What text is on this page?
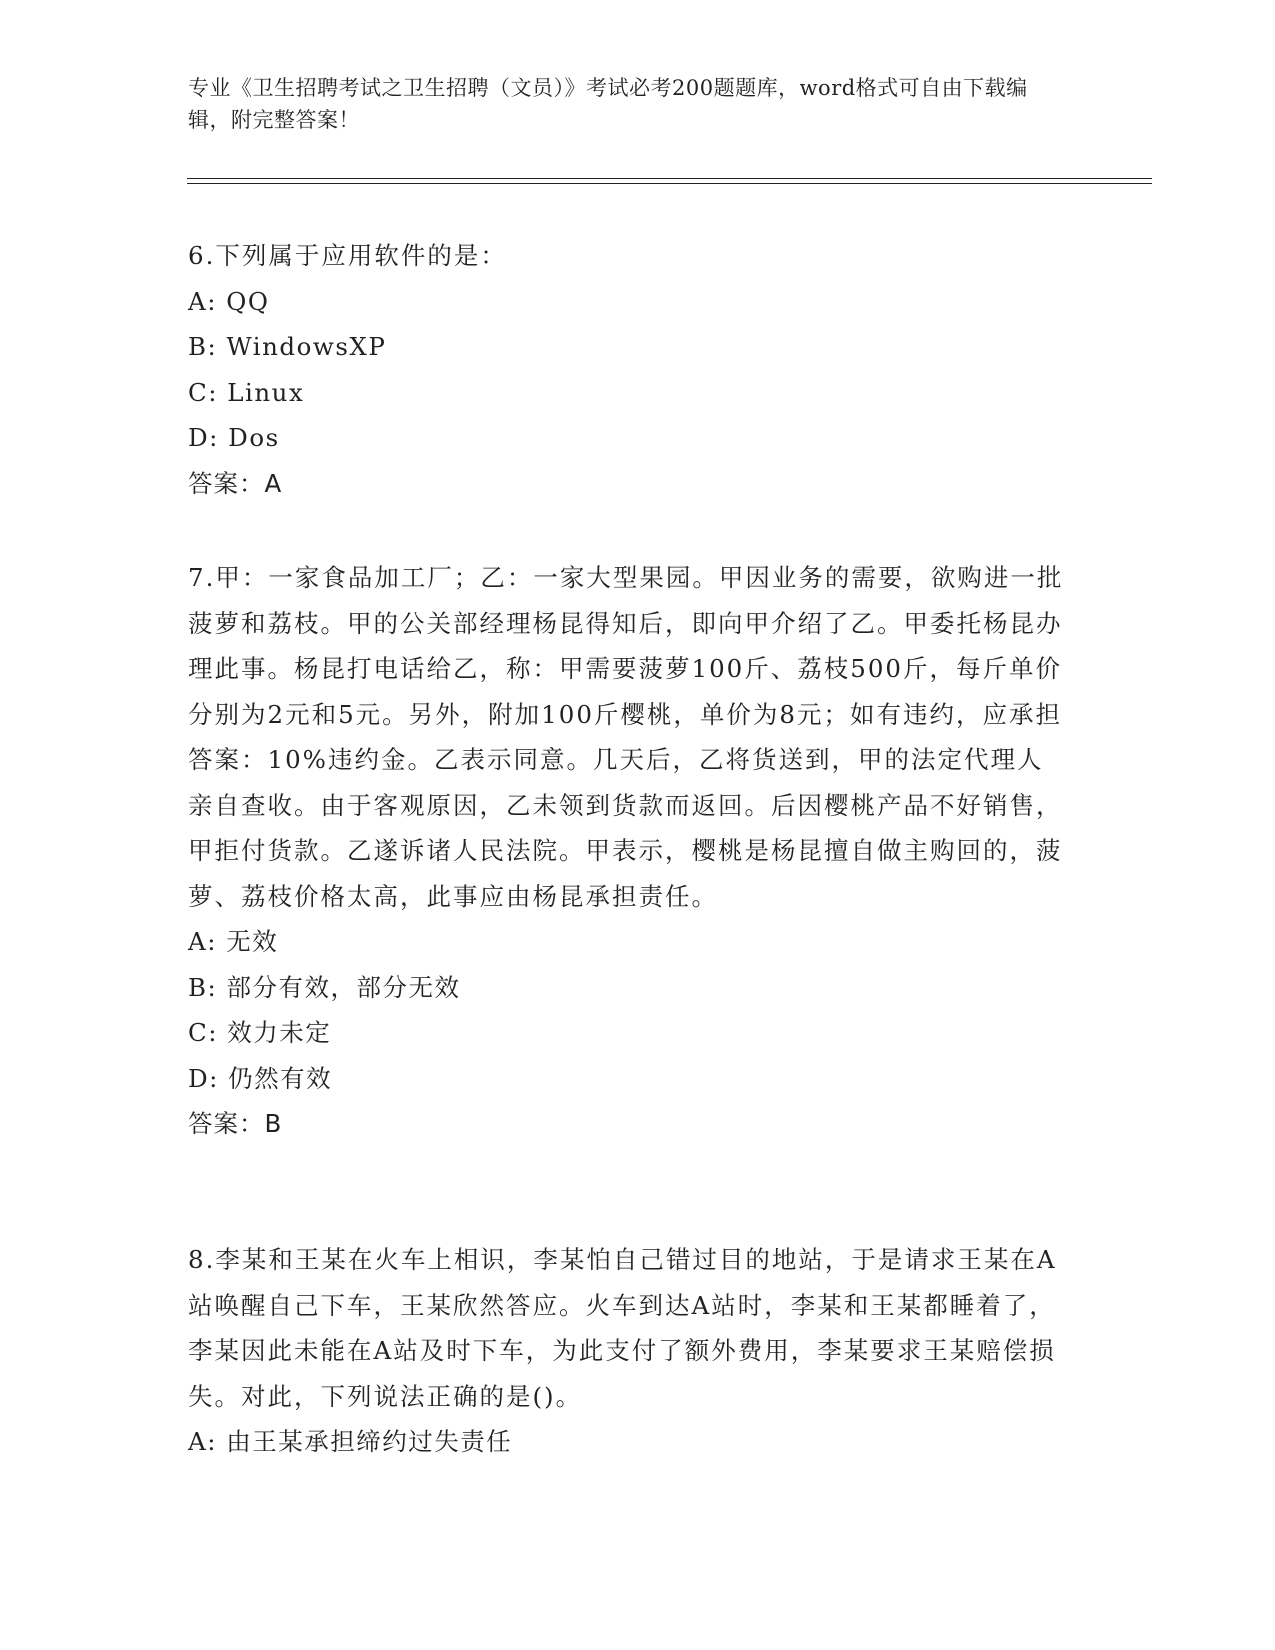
专业《卫生招聘考试之卫生招聘（文员）》考试必考200题题库，word格式可自由下载编辑，附完整答案！

6.下列属于应用软件的是：

A: QQ

B: WindowsXP

C: Linux

D: Dos

答案：A

7.甲：一家食品加工厂；乙：一家大型果园。甲因业务的需要，欲购进一批菠萝和荔枝。甲的公关部经理杨昆得知后，即向甲介绍了乙。甲委托杨昆办理此事。杨昆打电话给乙，称：甲需要菠萝100斤、荔枝500斤，每斤单价分别为2元和5元。另外，附加100斤樱桃，单价为8元；如有违约，应承担答案：10%违约金。乙表示同意。几天后，乙将货送到，甲的法定代理人亲自查收。由于客观原因，乙未领到货款而返回。后因樱桃产品不好销售，甲拒付货款。乙遂诉诸人民法院。甲表示，樱桃是杨昆擅自做主购回的，菠萝、荔枝价格太高，此事应由杨昆承担责任。

A: 无效

B: 部分有效，部分无效

C: 效力未定

D: 仍然有效

答案：B

8.李某和王某在火车上相识，李某怕自己错过目的地站，于是请求王某在A站唤醒自己下车，王某欣然答应。火车到达A站时，李某和王某都睡着了，李某因此未能在A站及时下车，为此支付了额外费用，李某要求王某赔偿损失。对此，下列说法正确的是()。

A: 由王某承担缔约过失责任
